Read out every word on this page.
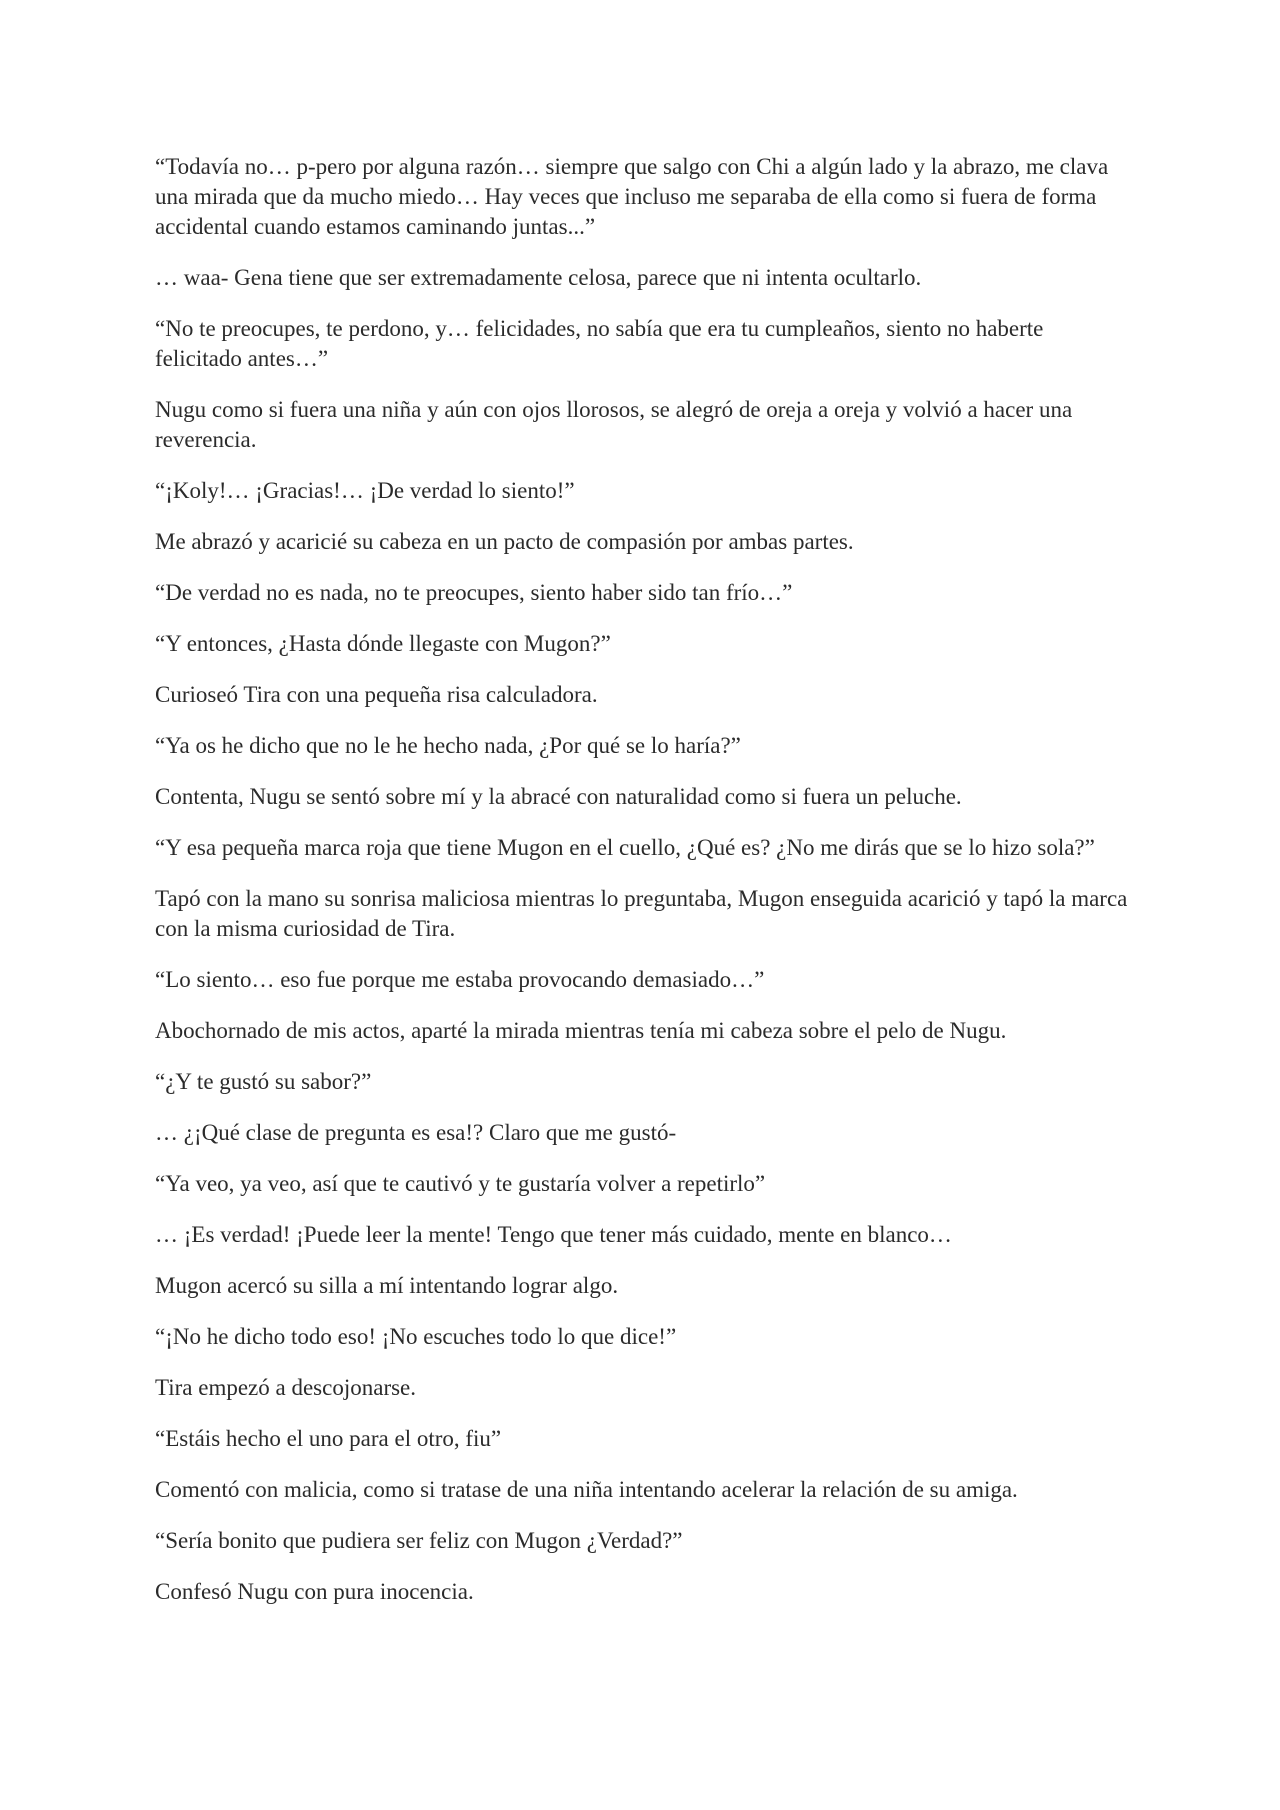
“Todavía no… p-pero por alguna razón… siempre que salgo con Chi a algún lado y la abrazo, me clava una mirada que da mucho miedo… Hay veces que incluso me separaba de ella como si fuera de forma accidental cuando estamos caminando juntas...”

… waa- Gena tiene que ser extremadamente celosa, parece que ni intenta ocultarlo.

“No te preocupes, te perdono, y… felicidades, no sabía que era tu cumpleaños, siento no haberte felicitado antes…”

Nugu como si fuera una niña y aún con ojos llorosos, se alegró de oreja a oreja y volvió a hacer una reverencia.

“¡Koly!… ¡Gracias!… ¡De verdad lo siento!”

Me abrazó y acaricié su cabeza en un pacto de compasión por ambas partes.

“De verdad no es nada, no te preocupes, siento haber sido tan frío…”

“Y entonces, ¿Hasta dónde llegaste con Mugon?”

Curioseó Tira con una pequeña risa calculadora.

“Ya os he dicho que no le he hecho nada, ¿Por qué se lo haría?”

Contenta, Nugu se sentó sobre mí y la abracé con naturalidad como si fuera un peluche.

“Y esa pequeña marca roja que tiene Mugon en el cuello, ¿Qué es? ¿No me dirás que se lo hizo sola?”

Tapó con la mano su sonrisa maliciosa mientras lo preguntaba, Mugon enseguida acarició y tapó la marca con la misma curiosidad de Tira.

“Lo siento… eso fue porque me estaba provocando demasiado…”

Abochornado de mis actos, aparté la mirada mientras tenía mi cabeza sobre el pelo de Nugu.

“¿Y te gustó su sabor?”

… ¿¡Qué clase de pregunta es esa!? Claro que me gustó-

“Ya veo, ya veo, así que te cautivó y te gustaría volver a repetirlo”

… ¡Es verdad! ¡Puede leer la mente! Tengo que tener más cuidado, mente en blanco…

Mugon acercó su silla a mí intentando lograr algo.

“¡No he dicho todo eso! ¡No escuches todo lo que dice!”

Tira empezó a descojonarse.

“Estáis hecho el uno para el otro, fiu”

Comentó con malicia, como si tratase de una niña intentando acelerar la relación de su amiga.

“Sería bonito que pudiera ser feliz con Mugon ¿Verdad?”

Confesó Nugu con pura inocencia.
